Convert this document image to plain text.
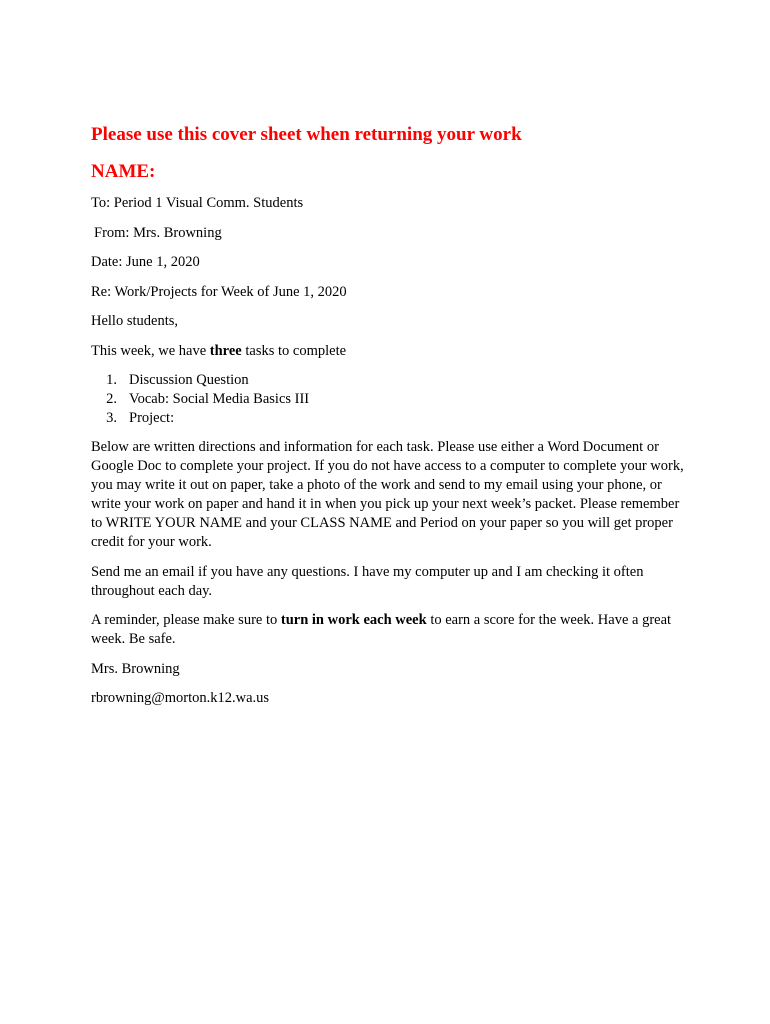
Please use this cover sheet when returning your work
NAME:

To: Period 1 Visual Comm. Students

From: Mrs. Browning

Date: June 1, 2020

Re: Work/Projects for Week of June 1, 2020

Hello students,

This week, we have three tasks to complete

1. Discussion Question
2. Vocab: Social Media Basics III
3. Project:

Below are written directions and information for each task. Please use either a Word Document or Google Doc to complete your project. If you do not have access to a computer to complete your work, you may write it out on paper, take a photo of the work and send to my email using your phone, or write your work on paper and hand it in when you pick up your next week’s packet. Please remember to WRITE YOUR NAME and your CLASS NAME and Period on your paper so you will get proper credit for your work.

Send me an email if you have any questions. I have my computer up and I am checking it often throughout each day.

A reminder, please make sure to turn in work each week to earn a score for the week. Have a great week. Be safe.

Mrs. Browning

rbrowning@morton.k12.wa.us
